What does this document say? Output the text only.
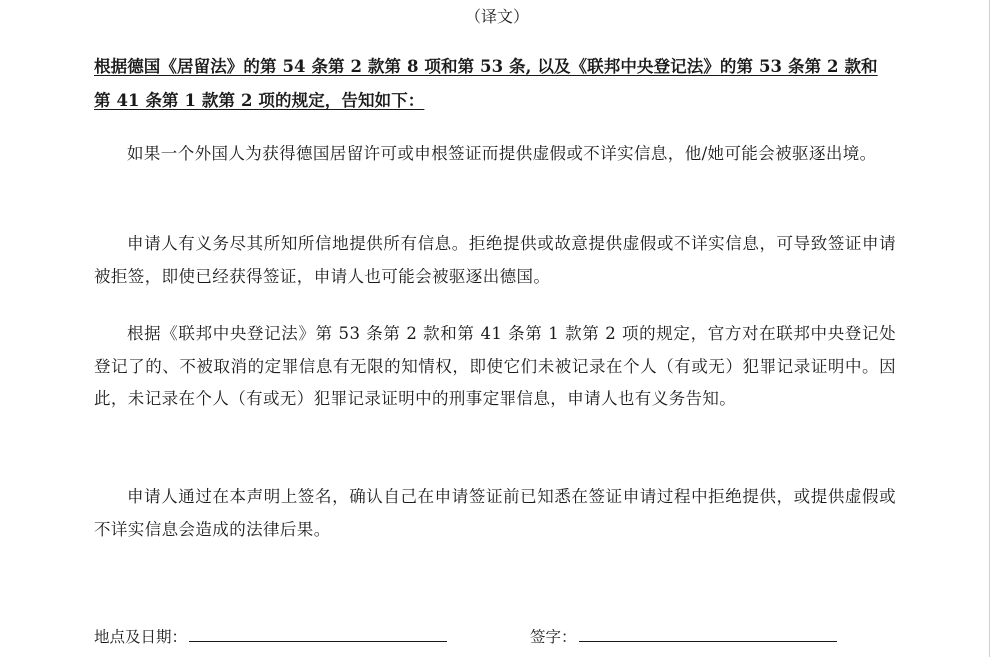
（译文）

根据德国《居留法》的第 54 条第 2 款第 8 项和第 53 条, 以及《联邦中央登记法》的第 53 条第 2 款和第 41 条第 1 款第 2 项的规定，告知如下：

如果一个外国人为获得德国居留许可或申根签证而提供虚假或不详实信息，他/她可能会被驱逐出境。

申请人有义务尽其所知所信地提供所有信息。拒绝提供或故意提供虚假或不详实信息，可导致签证申请被拒签，即使已经获得签证，申请人也可能会被驱逐出德国。

根据《联邦中央登记法》第 53 条第 2 款和第 41 条第 1 款第 2 项的规定，官方对在联邦中央登记处登记了的、不被取消的定罪信息有无限的知情权，即使它们未被记录在个人（有或无）犯罪记录证明中。因此，未记录在个人（有或无）犯罪记录证明中的刑事定罪信息，申请人也有义务告知。

申请人通过在本声明上签名，确认自己在申请签证前已知悉在签证申请过程中拒绝提供，或提供虚假或不详实信息会造成的法律后果。

地点及日期：	签字：
